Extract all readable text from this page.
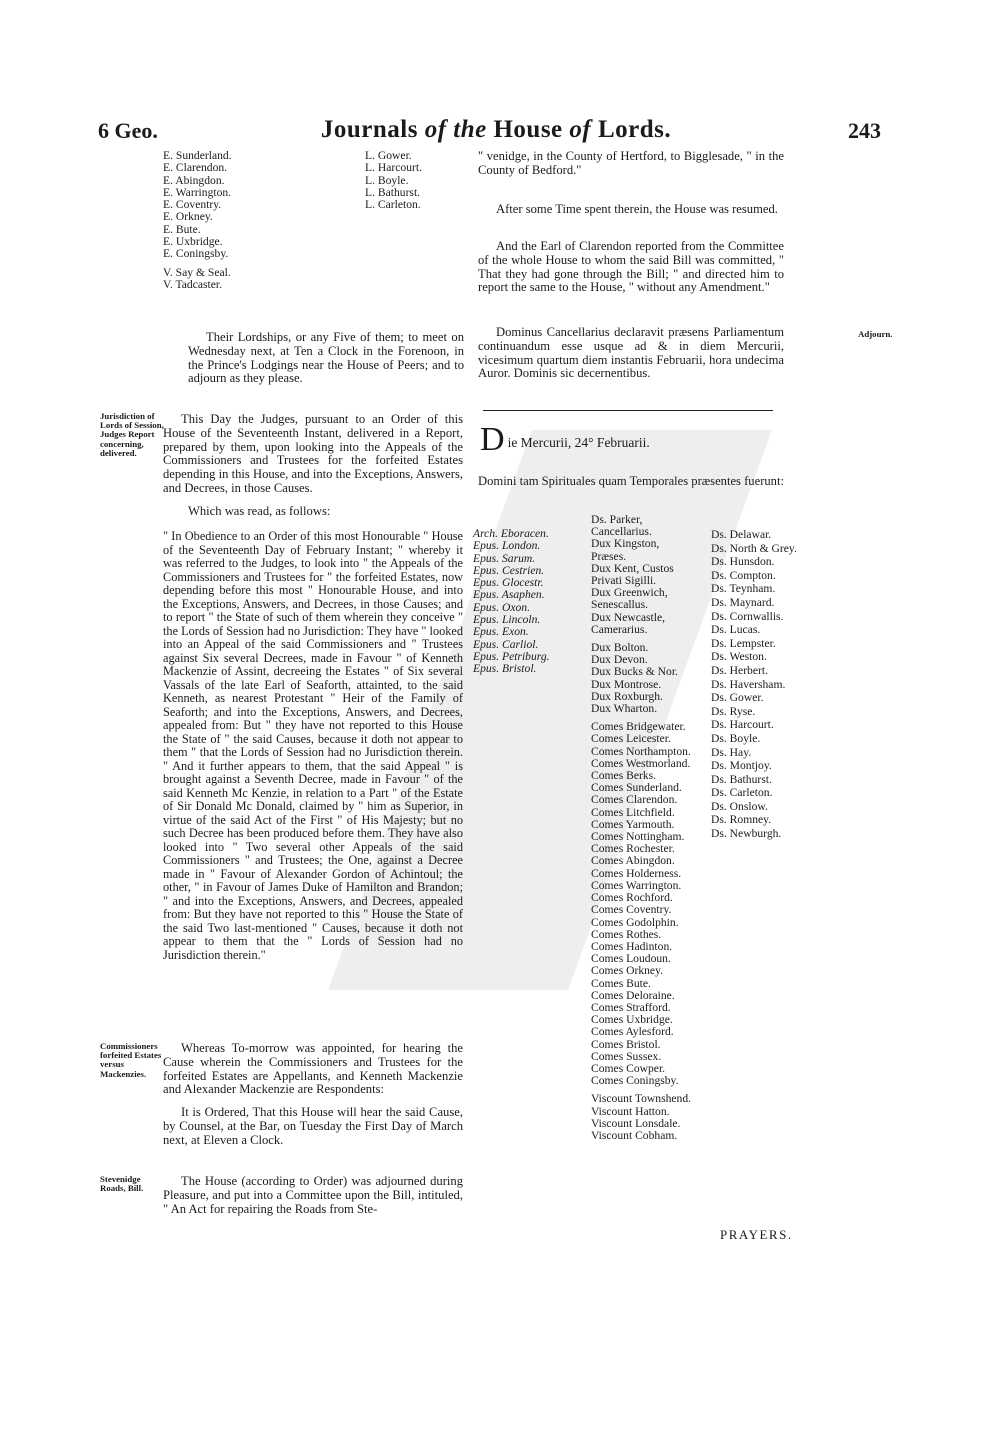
6 Geo.	Journals of the House of Lords.	243
E. Sunderland.
E. Clarendon.
E. Abingdon.
E. Warrington.
E. Coventry.
E. Orkney.
E. Bute.
E. Uxbridge.
E. Coningsby.
V. Say & Seal.
V. Tadcaster.
L. Gower.
L. Harcourt.
L. Boyle.
L. Bathurst.
L. Carleton.
Their Lordships, or any Five of them; to meet on Wednesday next, at Ten a Clock in the Forenoon, in the Prince's Lodgings near the House of Peers; and to adjourn as they please.
Jurisdiction of Lords of Session, Judges Report concerning, delivered.
Commissioners forfeited Estates versus Mackenzies.
Stevenidge Roads, Bill.
Adjourn.
This Day the Judges, pursuant to an Order of this House of the Seventeenth Instant, delivered in a Report, prepared by them, upon looking into the Appeals of the Commissioners and Trustees for the forfeited Estates depending in this House, and into the Exceptions, Answers, and Decrees, in those Causes.
Which was read, as follows:
" In Obedience to an Order of this most Honourable " House of the Seventeenth Day of February Instant; " whereby it was referred to the Judges, to look into " the Appeals of the Commissioners and Trustees for " the forfeited Estates, now depending before this most " Honourable House, and into the Exceptions, Answers, and Decrees, in those Causes; and to report " the State of such of them wherein they conceive " the Lords of Session had no Jurisdiction: They have " looked into an Appeal of the said Commissioners and " Trustees against Six several Decrees, made in Favour " of Kenneth Mackenzie of Assint, decreeing the Estates " of Six several Vassals of the late Earl of Seaforth, attainted, to the said Kenneth, as nearest Protestant " Heir of the Family of Seaforth; and into the Exceptions, Answers, and Decrees, appealed from: But " they have not reported to this House the State of " the said Causes, because it doth not appear to them " that the Lords of Session had no Jurisdiction therein. " And it further appears to them, that the said Appeal " is brought against a Seventh Decree, made in Favour " of the said Kenneth Mc Kenzie, in relation to a Part " of the Estate of Sir Donald Mc Donald, claimed by " him as Superior, in virtue of the said Act of the First " of His Majesty; but no such Decree has been produced before them. They have also looked into " Two several other Appeals of the said Commissioners " and Trustees; the One, against a Decree made in " Favour of Alexander Gordon of Achintoul; the other, " in Favour of James Duke of Hamilton and Brandon; " and into the Exceptions, Answers, and Decrees, appealed from: But they have not reported to this " House the State of the said Two last-mentioned " Causes, because it doth not appear to them that the " Lords of Session had no Jurisdiction therein."
Whereas To-morrow was appointed, for hearing the Cause wherein the Commissioners and Trustees for the forfeited Estates are Appellants, and Kenneth Mackenzie and Alexander Mackenzie are Respondents:
It is Ordered, That this House will hear the said Cause, by Counsel, at the Bar, on Tuesday the First Day of March next, at Eleven a Clock.
The House (according to Order) was adjourned during Pleasure, and put into a Committee upon the Bill, intituled, " An Act for repairing the Roads from Ste-
" venidge, in the County of Hertford, to Bigglesade, " in the County of Bedford."
After some Time spent therein, the House was resumed.
And the Earl of Clarendon reported from the Committee of the whole House to whom the said Bill was committed, " That they had gone through the Bill; " and directed him to report the same to the House, " without any Amendment."
Dominus Cancellarius declaravit præsens Parliamentum continuandum esse usque ad & in diem Mercurii, vicesimum quartum diem instantis Februarii, hora undecima Auror. Dominis sic decernentibus.
D ie Mercurii, 24° Februarii.
Domini tam Spirituales quam Temporales præsentes fuerunt:
Arch. Eboracen.
Epus. London.
Epus. Sarum.
Epus. Cestrien.
Epus. Glocestr.
Epus. Asaphen.
Epus. Oxon.
Epus. Lincoln.
Epus. Exon.
Epus. Carliol.
Epus. Petriburg.
Epus. Bristol.
Ds. Parker,
Cancellarius.
Dux Kingston,
Præses.
Dux Kent, Custos
Privati Sigilli.
Dux Greenwich,
Senescallus.
Dux Newcastle,
Camerarius.
Dux Bolton.
Dux Devon.
Dux Bucks & Nor.
Dux Montrose.
Dux Roxburgh.
Dux Wharton.
Comes Bridgewater.
Comes Leicester.
Comes Northampton.
Comes Westmorland.
Comes Berks.
Comes Sunderland.
Comes Clarendon.
Comes Litchfield.
Comes Yarmouth.
Comes Nottingham.
Comes Rochester.
Comes Abingdon.
Comes Holderness.
Comes Warrington.
Comes Rochford.
Comes Coventry.
Comes Godolphin.
Comes Rothes.
Comes Hadinton.
Comes Loudoun.
Comes Orkney.
Comes Bute.
Comes Deloraine.
Comes Strafford.
Comes Uxbridge.
Comes Aylesford.
Comes Bristol.
Comes Sussex.
Comes Cowper.
Comes Coningsby.
Viscount Townshend.
Viscount Hatton.
Viscount Lonsdale.
Viscount Cobham.
Ds. Delawar.
Ds. North & Grey.
Ds. Hunsdon.
Ds. Compton.
Ds. Teynham.
Ds. Maynard.
Ds. Cornwallis.
Ds. Lucas.
Ds. Lempster.
Ds. Weston.
Ds. Herbert.
Ds. Haversham.
Ds. Gower.
Ds. Ryse.
Ds. Harcourt.
Ds. Boyle.
Ds. Hay.
Ds. Montjoy.
Ds. Bathurst.
Ds. Carleton.
Ds. Onslow.
Ds. Romney.
Ds. Newburgh.
PRAYERS.
